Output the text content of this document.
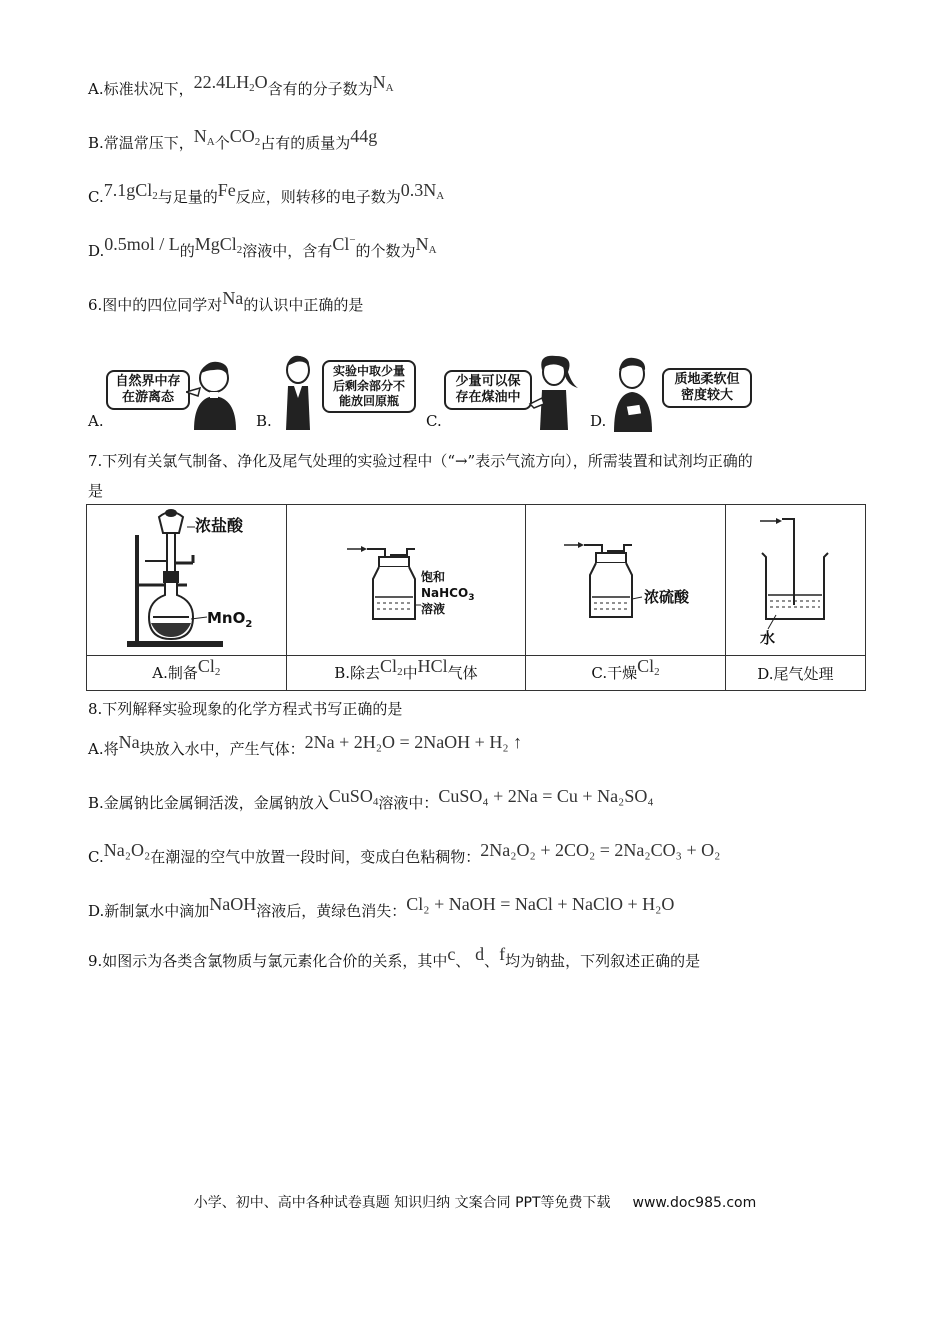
A.标准状况下，$22.4LH_2O$含有的分子数为$N_A$
B.常温常压下，$N_A$个$CO_2$占有的质量为44g
C.7.1gCl$_2$与足量的Fe反应，则转移的电子数为$0.3N_A$
D.0.5mol / L的MgCl$_2$溶液中，含有Cl−的个数为$N_A$
6.图中的四位同学对Na的认识中正确的是
A.
自然界中存
在游离态
B.
实验中取少量
后剩余部分不
能放回原瓶
C.
少量可以保
存在煤油中
D.
质地柔软但
密度较大
7.下列有关氯气制备、净化及尾气处理的实验过程中（“→”表示气流方向），所需装置和试剂均正确的
是
浓盐酸
MnO$_2$	饱和
NaHCO$_3$
溶液	浓硫酸	水

A.制备$Cl_2$	B.除去$Cl_2$中HCl气体	C.干燥$Cl_2$	D.尾气处理
8.下列解释实验现象的化学方程式书写正确的是
A.将Na块放入水中，产生气体：2Na + 2H₂O = 2NaOH + H₂ ↑
B.金属钠比金属铜活泼，金属钠放入CuSO$_4$溶液中：CuSO₄ + 2Na = Cu + Na₂SO₄
C.Na₂O₂在潮湿的空气中放置一段时间，变成白色粘稠物：2Na₂O₂ + 2CO₂ = 2Na₂CO₃ + O₂
D.新制氯水中滴加NaOH溶液后，黄绿色消失：Cl₂ + NaOH = NaCl + NaClO + H₂O
9.如图示为各类含氯物质与氯元素化合价的关系，其中c、 d、f均为钠盐，下列叙述正确的是
小学、初中、高中各种试卷真题 知识归纳 文案合同 PPT等免费下载 www.doc985.com
